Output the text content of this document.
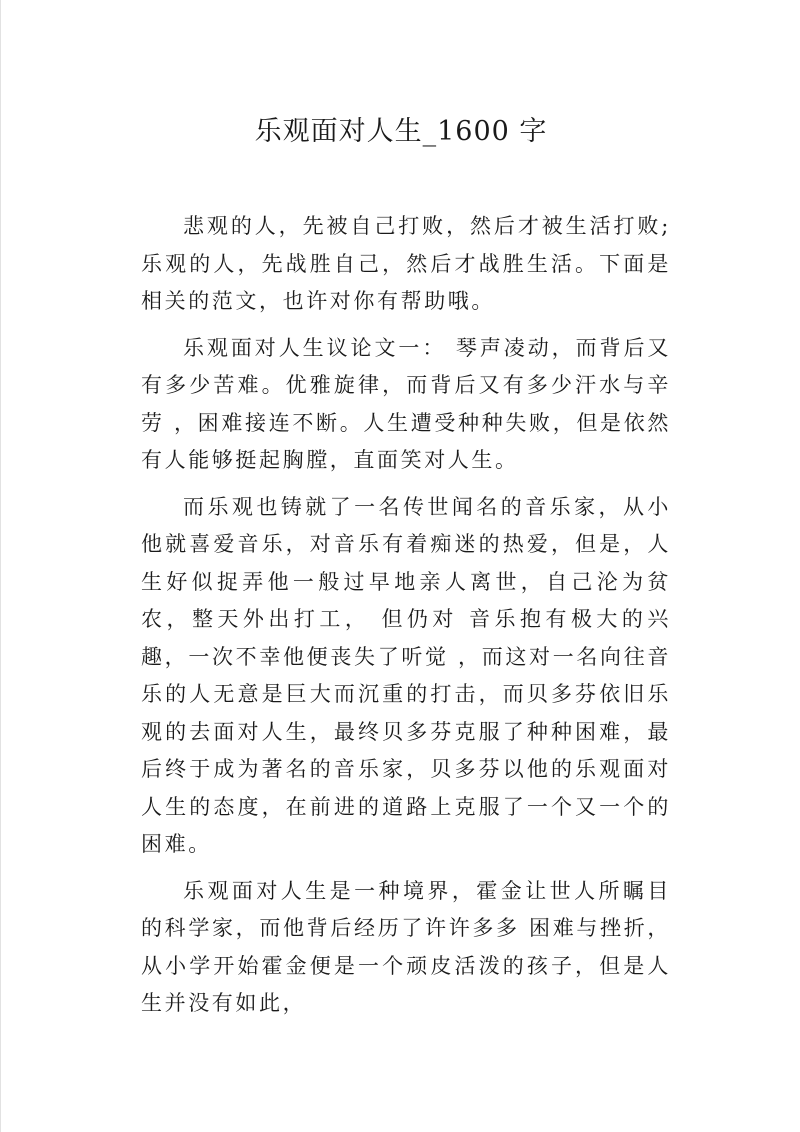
乐观面对人生_1600 字

悲观的人，先被自己打败，然后才被生活打败;乐观的人，先战胜自己，然后才战胜生活。下面是相关的范文，也许对你有帮助哦。

乐观面对人生议论文一： 琴声凌动，而背后又有多少苦难。优雅旋律，而背后又有多少汗水与辛劳 ，困难接连不断。人生遭受种种失败，但是依然有人能够挺起胸膛，直面笑对人生。

而乐观也铸就了一名传世闻名的音乐家，从小他就喜爱音乐，对音乐有着痴迷的热爱，但是，人生好似捉弄他一般过早地亲人离世，自己沦为贫农，整天外出打工， 但仍对 音乐抱有极大的兴趣，一次不幸他便丧失了听觉 ，而这对一名向往音乐的人无意是巨大而沉重的打击，而贝多芬依旧乐观的去面对人生，最终贝多芬克服了种种困难，最后终于成为著名的音乐家，贝多芬以他的乐观面对人生的态度，在前进的道路上克服了一个又一个的困难。

乐观面对人生是一种境界，霍金让世人所瞩目的科学家，而他背后经历了许许多多 困难与挫折，从小学开始霍金便是一个顽皮活泼的孩子，但是人生并没有如此，
